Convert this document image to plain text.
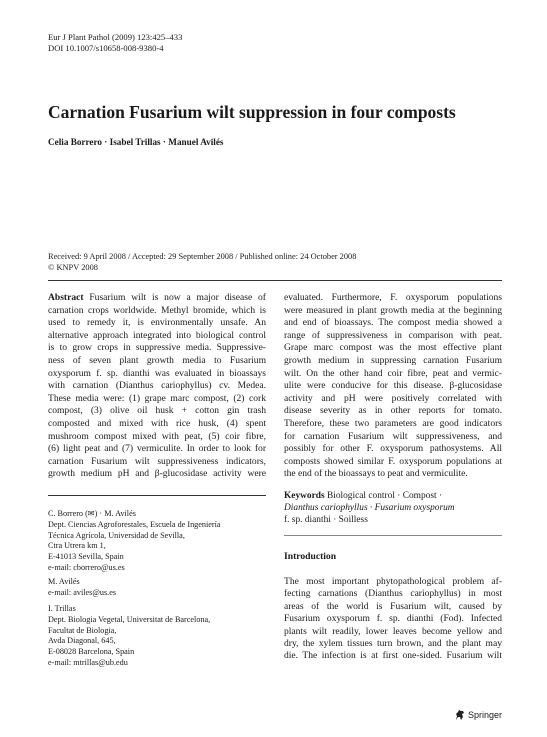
Eur J Plant Pathol (2009) 123:425–433
DOI 10.1007/s10658-008-9380-4
Carnation Fusarium wilt suppression in four composts
Celia Borrero · Isabel Trillas · Manuel Avilés
Received: 9 April 2008 / Accepted: 29 September 2008 / Published online: 24 October 2008
© KNPV 2008
Abstract Fusarium wilt is now a major disease of
carnation crops worldwide. Methyl bromide, which is
used to remedy it, is environmentally unsafe. An
alternative approach integrated into biological control
is to grow crops in suppressive media. Suppressive-
ness of seven plant growth media to Fusarium
oxysporum f. sp. dianthi was evaluated in bioassays
with carnation (Dianthus cariophyllus) cv. Medea.
These media were: (1) grape marc compost, (2) cork
compost, (3) olive oil husk + cotton gin trash
composted and mixed with rice husk, (4) spent
mushroom compost mixed with peat, (5) coir fibre,
(6) light peat and (7) vermiculite. In order to look for
carnation Fusarium wilt suppressiveness indicators,
growth medium pH and β-glucosidase activity were
evaluated. Furthermore, F. oxysporum populations
were measured in plant growth media at the beginning
and end of bioassays. The compost media showed a
range of suppressiveness in comparison with peat.
Grape marc compost was the most effective plant
growth medium in suppressing carnation Fusarium
wilt. On the other hand coir fibre, peat and vermic-
ulite were conducive for this disease. β-glucosidase
activity and pH were positively correlated with
disease severity as in other reports for tomato.
Therefore, these two parameters are good indicators
for carnation Fusarium wilt suppressiveness, and
possibly for other F. oxysporum pathosystems. All
composts showed similar F. oxysporum populations at
the end of the bioassays to peat and vermiculite.
C. Borrero (✉) · M. Avilés
Dept. Ciencias Agroforestales, Escuela de Ingeniería
Técnica Agrícola, Universidad de Sevilla,
Ctra Utrera km 1,
E-41013 Sevilla, Spain
e-mail: cborrero@us.es
M. Avilés
e-mail: aviles@us.es
I. Trillas
Dept. Biologia Vegetal, Universitat de Barcelona,
Facultat de Biologia,
Avda Diagonal, 645,
E-08028 Barcelona, Spain
e-mail: mtrillas@ub.edu
Keywords Biological control · Compost ·
Dianthus cariophyllus · Fusarium oxysporum
f. sp. dianthi · Soilless
Introduction
The most important phytopathological problem af-
fecting carnations (Dianthus cariophyllus) in most
areas of the world is Fusarium wilt, caused by
Fusarium oxysporum f. sp. dianthi (Fod). Infected
plants wilt readily, lower leaves become yellow and
dry, the xylem tissues turn brown, and the plant may
die. The infection is at first one-sided. Fusarium wilt
Springer
